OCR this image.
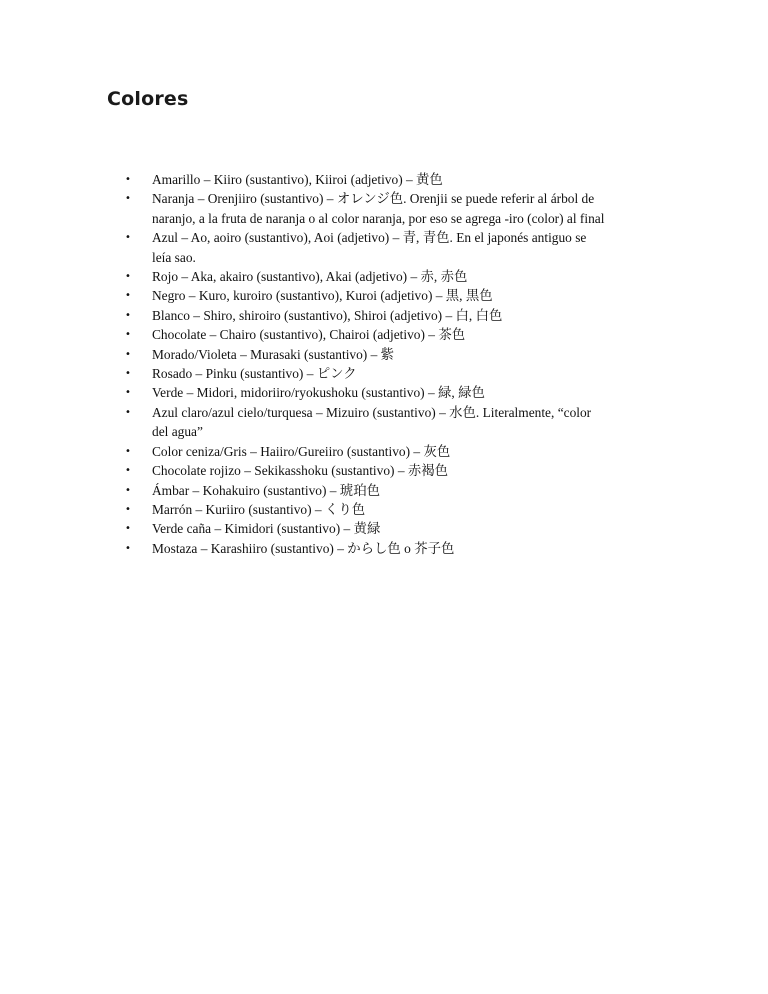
Colores
• Amarillo – Kiiro (sustantivo), Kiiroi (adjetivo) – 黄色
• Naranja – Orenjiiro (sustantivo) – オレンジ色. Orenjii se puede referir al árbol de
naranjo, a la fruta de naranja o al color naranja, por eso se agrega -iro (color) al final
• Azul – Ao, aoiro (sustantivo), Aoi (adjetivo) – 青, 青色. En el japonés antiguo se
leía sao.
• Rojo – Aka, akairo (sustantivo), Akai (adjetivo) – 赤, 赤色
• Negro – Kuro, kuroiro (sustantivo), Kuroi (adjetivo) – 黒, 黒色
• Blanco – Shiro, shiroiro (sustantivo), Shiroi (adjetivo) – 白, 白色
• Chocolate – Chairo (sustantivo), Chairoi (adjetivo) – 茶色
• Morado/Violeta – Murasaki (sustantivo) – 紫
• Rosado – Pinku (sustantivo) – ピンク
• Verde – Midori, midoriiro/ryokushoku (sustantivo) – 緑, 緑色
• Azul claro/azul cielo/turquesa – Mizuiro (sustantivo) – 水色. Literalmente, “color
del agua”
• Color ceniza/Gris – Haiiro/Gureiiro (sustantivo) – 灰色
• Chocolate rojizo – Sekikasshoku (sustantivo) – 赤褐色
• Ámbar – Kohakuiro (sustantivo) – 琥珀色
• Marrón – Kuriiro (sustantivo) – くり色
• Verde caña – Kimidori (sustantivo) – 黄緑
• Mostaza – Karashiiro (sustantivo) – からし色 o 芥子色
